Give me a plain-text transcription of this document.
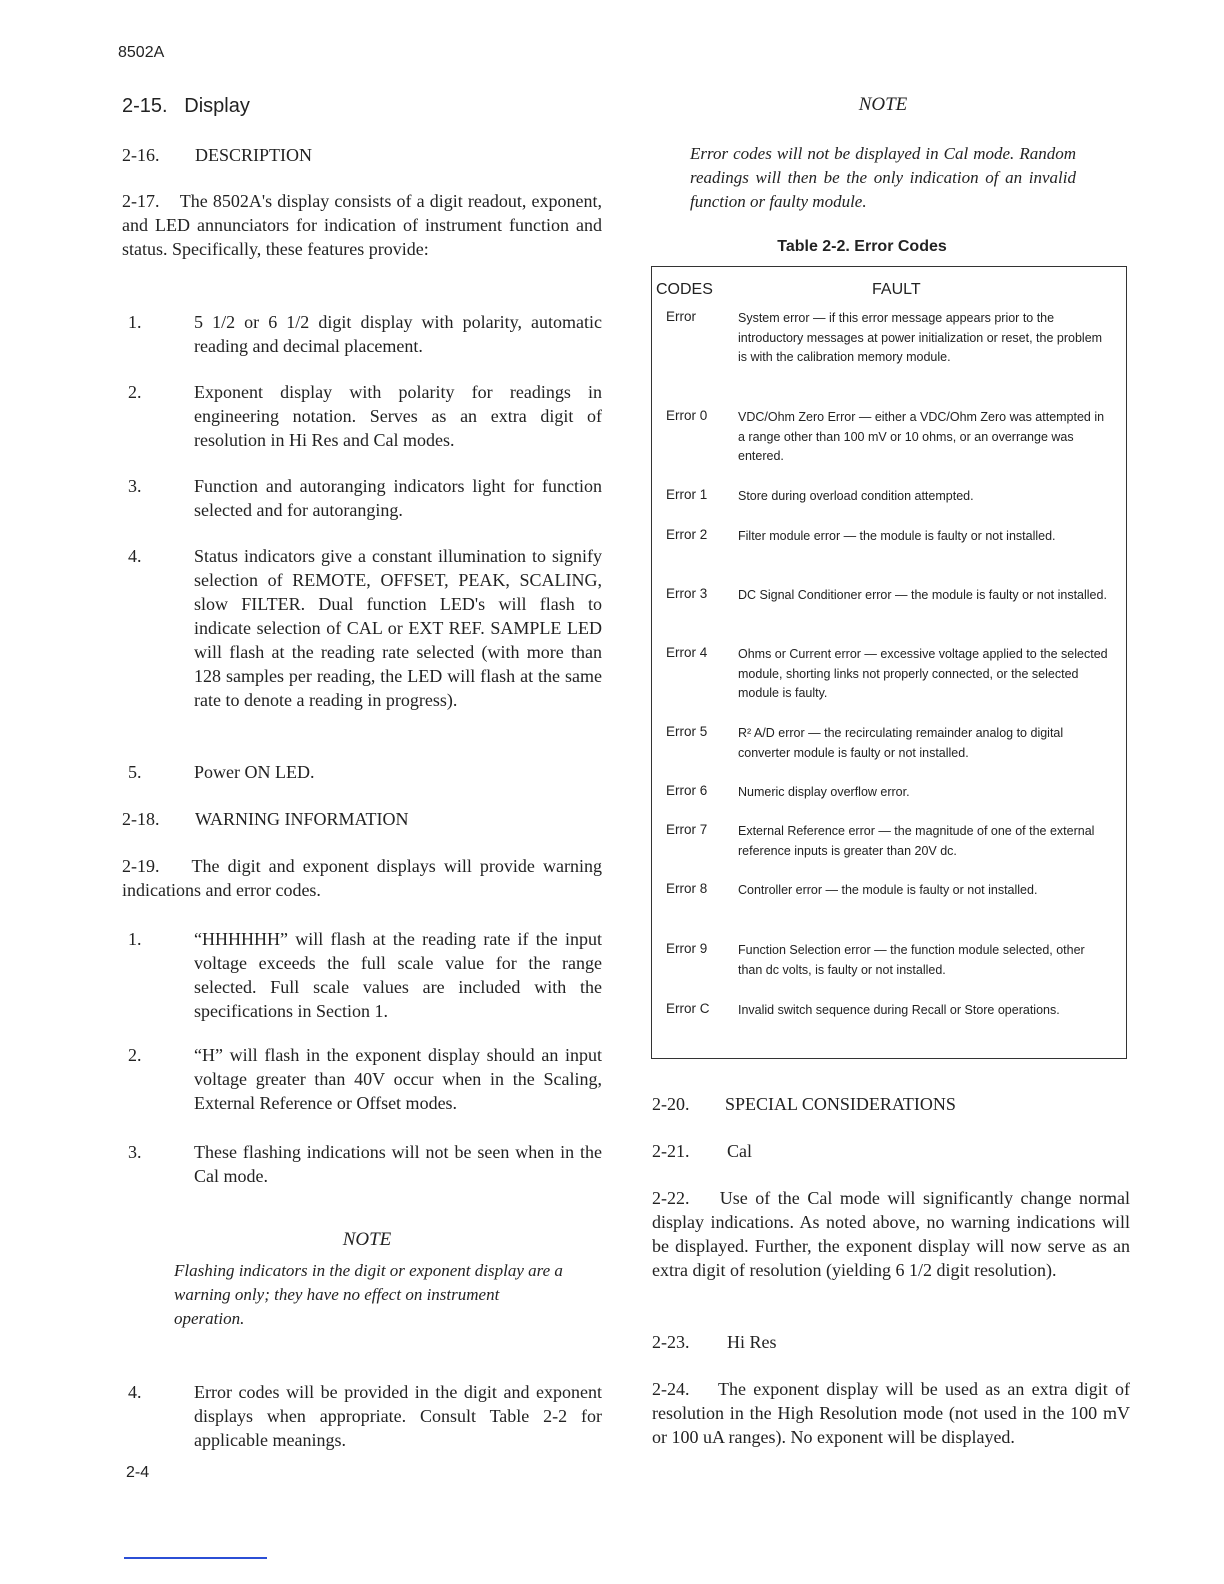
8502A
2-15. Display
2-16. DESCRIPTION
2-17. The 8502A's display consists of a digit readout, exponent, and LED annunciators for indication of instrument function and status. Specifically, these features provide:
1.	5 1/2 or 6 1/2 digit display with polarity, automatic reading and decimal placement.
2.	Exponent display with polarity for readings in engineering notation. Serves as an extra digit of resolution in Hi Res and Cal modes.
3.	Function and autoranging indicators light for function selected and for autoranging.
4.	Status indicators give a constant illumination to signify selection of REMOTE, OFFSET, PEAK, SCALING, slow FILTER. Dual function LED's will flash to indicate selection of CAL or EXT REF. SAMPLE LED will flash at the reading rate selected (with more than 128 samples per reading, the LED will flash at the same rate to denote a reading in progress).
5.	Power ON LED.
2-18. WARNING INFORMATION
2-19. The digit and exponent displays will provide warning indications and error codes.
1.	“HHHHHH” will flash at the reading rate if the input voltage exceeds the full scale value for the range selected. Full scale values are included with the specifications in Section 1.
2.	“H” will flash in the exponent display should an input voltage greater than 40V occur when in the Scaling, External Reference or Offset modes.
3.	These flashing indications will not be seen when in the Cal mode.
NOTE
Flashing indicators in the digit or exponent display are a warning only; they have no effect on instrument operation.
4.	Error codes will be provided in the digit and exponent displays when appropriate. Consult Table 2-2 for applicable meanings.
NOTE
Error codes will not be displayed in Cal mode. Random readings will then be the only indication of an invalid function or faulty module.
Table 2-2. Error Codes
CODES	FAULT
Error	System error — if this error message appears prior to the introductory messages at power initialization or reset, the problem is with the calibration memory module.
Error 0 VDC/Ohm Zero Error — either a VDC/Ohm Zero was attempted in a range other than 100 mV or 10 ohms, or an overrange was entered.
Error 1 Store during overload condition attempted.
Error 2 Filter module error — the module is faulty or not installed.
Error 3 DC Signal Conditioner error — the module is faulty or not installed.
Error 4 Ohms or Current error — excessive voltage applied to the selected module, shorting links not properly connected, or the selected module is faulty.
Error 5 R² A/D error — the recirculating remainder analog to digital converter module is faulty or not installed.
Error 6 Numeric display overflow error.
Error 7 External Reference error — the magnitude of one of the external reference inputs is greater than 20V dc.
Error 8 Controller error — the module is faulty or not installed.
Error 9 Function Selection error — the function module selected, other than dc volts, is faulty or not installed.
Error C Invalid switch sequence during Recall or Store operations.
2-20. SPECIAL CONSIDERATIONS
2-21. Cal
2-22. Use of the Cal mode will significantly change normal display indications. As noted above, no warning indications will be displayed. Further, the exponent display will now serve as an extra digit of resolution (yielding 6 1/2 digit resolution).
2-23. Hi Res
2-24. The exponent display will be used as an extra digit of resolution in the High Resolution mode (not used in the 100 mV or 100 uA ranges). No exponent will be displayed.
2-4
